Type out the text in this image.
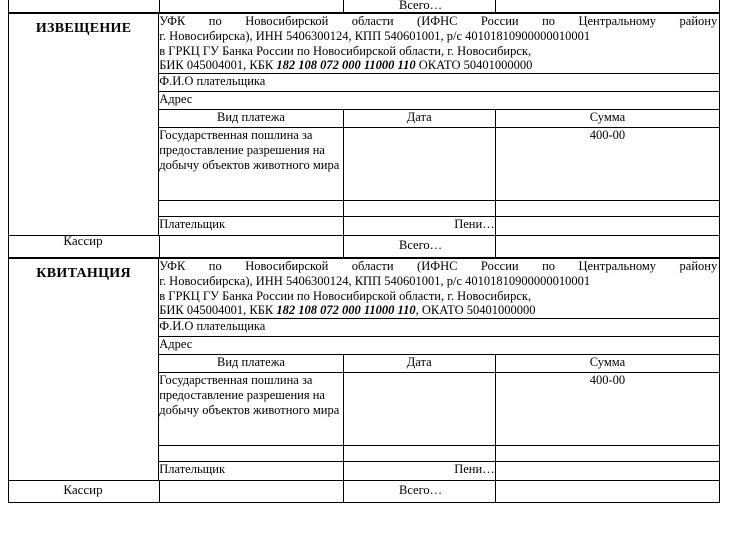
Всего…
ИЗВЕЩЕНИЕ
		УФК по Новосибирской области (ИФНС России по Центральному району
г. Новосибирска), ИНН 5406300124, КПП 540601001, р/с 40101810900000010001
в ГРКЦ ГУ Банка России по Новосибирской области, г. Новосибирск,
БИК 045004001, КБК 182 108 072 000 11000 110 ОКАТО 50401000000

Ф.И.О плательщика
Адрес
Вид платежа	Дата	Сумма
Государственная пошлина за предоставление разрешения на добычу объектов животного мира		400-00

Плательщик	Пени…	
Кассир	Всего…
КВИТАНЦИЯ
		УФК по Новосибирской области (ИФНС России по Центральному району
г. Новосибирска), ИНН 5406300124, КПП 540601001, р/с 40101810900000010001
в ГРКЦ ГУ Банка России по Новосибирской области, г. Новосибирск,
БИК 045004001, КБК 182 108 072 000 11000 110, ОКАТО 50401000000

Ф.И.О плательщика
Адрес
Вид платежа	Дата	Сумма
Государственная пошлина за предоставление разрешения на добычу объектов животного мира		400-00

Плательщик	Пени…	
Кассир	Всего…
